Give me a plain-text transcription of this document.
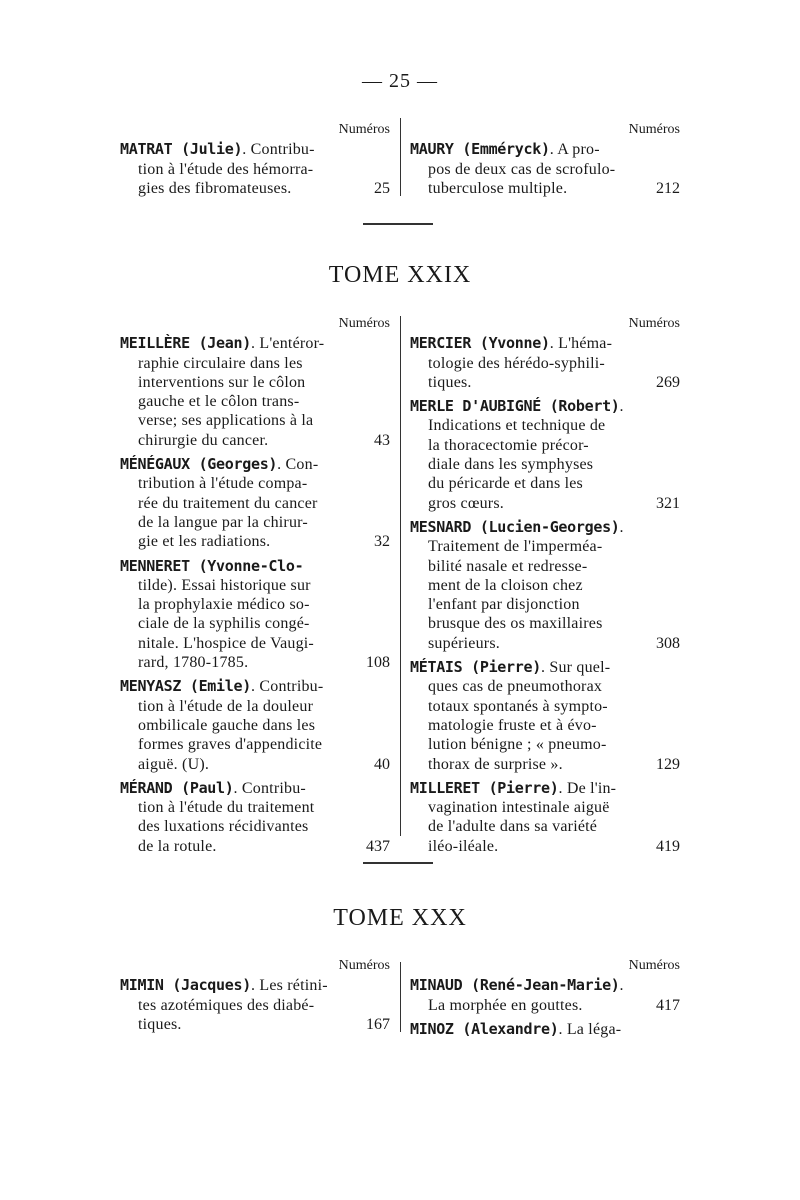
— 25 —
Numéros
MATRAT (Julie). Contribu-
tion à l'étude des hémorra-
gies des fibromateuses.	25
Numéros
MAURY (Emméryck). A pro-
pos de deux cas de scrofulo-
tuberculose multiple.	212
TOME XXIX
Numéros
MEILLÈRE (Jean). L'entéror-
raphie circulaire dans les
interventions sur le côlon
gauche et le côlon trans-
verse; ses applications à la
chirurgie du cancer.	43
MÉNÉGAUX (Georges). Con-
tribution à l'étude compa-
rée du traitement du cancer
de la langue par la chirur-
gie et les radiations.	32
MENNERET (Yvonne-Clo-
tilde). Essai historique sur
la prophylaxie médico so-
ciale de la syphilis congé-
nitale. L'hospice de Vaugi-
rard, 1780-1785.	108
MENYASZ (Emile). Contribu-
tion à l'étude de la douleur
ombilicale gauche dans les
formes graves d'appendicite
aiguë. (U).	40
MÉRAND (Paul). Contribu-
tion à l'étude du traitement
des luxations récidivantes
de la rotule.	437
Numéros
MERCIER (Yvonne). L'héma-
tologie des hérédo-syphili-
tiques.	269
MERLE D'AUBIGNÉ (Robert).
Indications et technique de
la thoracectomie précor-
diale dans les symphyses
du péricarde et dans les
gros cœurs.	321
MESNARD (Lucien-Georges).
Traitement de l'imperméa-
bilité nasale et redresse-
ment de la cloison chez
l'enfant par disjonction
brusque des os maxillaires
supérieurs.	308
MÉTAIS (Pierre). Sur quel-
ques cas de pneumothorax
totaux spontanés à sympto-
matologie fruste et à évo-
lution bénigne ; « pneumo-
thorax de surprise ».	129
MILLERET (Pierre). De l'in-
vagination intestinale aiguë
de l'adulte dans sa variété
iléo-iléale.	419
TOME XXX
Numéros
MIMIN (Jacques). Les rétini-
tes azotémiques des diabé-
tiques.	167
Numéros
MINAUD (René-Jean-Marie).
La morphée en gouttes.	417
MINOZ (Alexandre). La léga-
